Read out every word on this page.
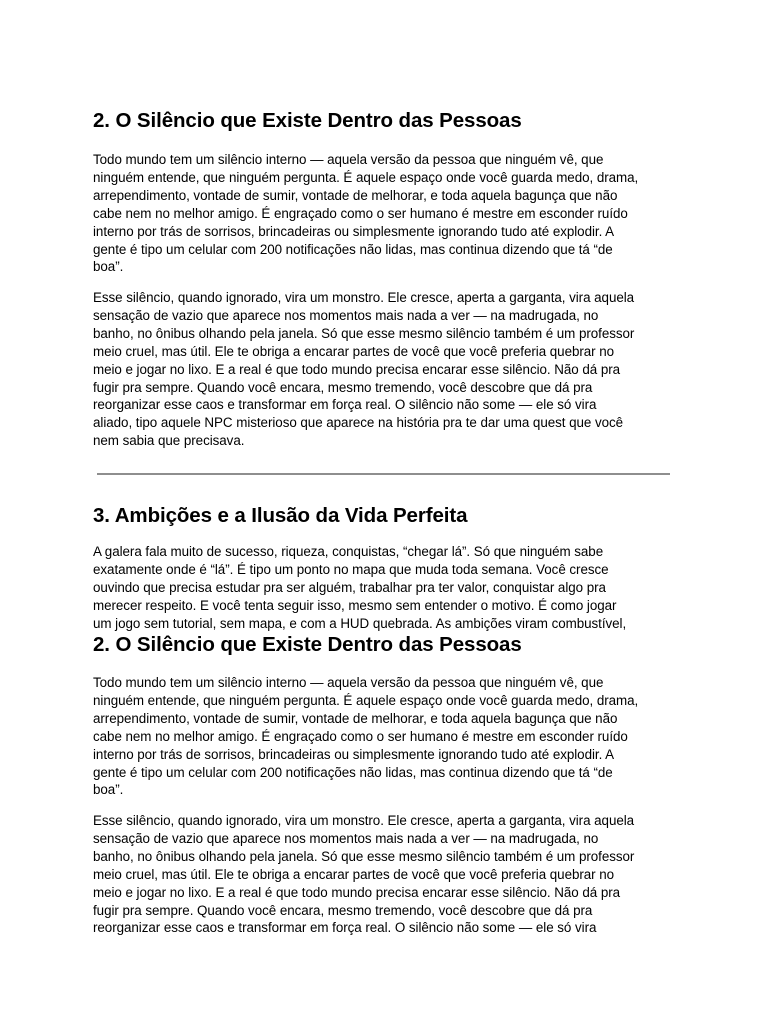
2. O Silêncio que Existe Dentro das Pessoas
Todo mundo tem um silêncio interno — aquela versão da pessoa que ninguém vê, que
ninguém entende, que ninguém pergunta. É aquele espaço onde você guarda medo, drama,
arrependimento, vontade de sumir, vontade de melhorar, e toda aquela bagunça que não
cabe nem no melhor amigo. É engraçado como o ser humano é mestre em esconder ruído
interno por trás de sorrisos, brincadeiras ou simplesmente ignorando tudo até explodir. A
gente é tipo um celular com 200 notificações não lidas, mas continua dizendo que tá “de
boa”.
Esse silêncio, quando ignorado, vira um monstro. Ele cresce, aperta a garganta, vira aquela
sensação de vazio que aparece nos momentos mais nada a ver — na madrugada, no
banho, no ônibus olhando pela janela. Só que esse mesmo silêncio também é um professor
meio cruel, mas útil. Ele te obriga a encarar partes de você que você preferia quebrar no
meio e jogar no lixo. E a real é que todo mundo precisa encarar esse silêncio. Não dá pra
fugir pra sempre. Quando você encara, mesmo tremendo, você descobre que dá pra
reorganizar esse caos e transformar em força real. O silêncio não some — ele só vira
aliado, tipo aquele NPC misterioso que aparece na história pra te dar uma quest que você
nem sabia que precisava.
3. Ambições e a Ilusão da Vida Perfeita
A galera fala muito de sucesso, riqueza, conquistas, “chegar lá”. Só que ninguém sabe
exatamente onde é “lá”. É tipo um ponto no mapa que muda toda semana. Você cresce
ouvindo que precisa estudar pra ser alguém, trabalhar pra ter valor, conquistar algo pra
merecer respeito. E você tenta seguir isso, mesmo sem entender o motivo. É como jogar
um jogo sem tutorial, sem mapa, e com a HUD quebrada. As ambições viram combustível,
2. O Silêncio que Existe Dentro das Pessoas
Todo mundo tem um silêncio interno — aquela versão da pessoa que ninguém vê, que
ninguém entende, que ninguém pergunta. É aquele espaço onde você guarda medo, drama,
arrependimento, vontade de sumir, vontade de melhorar, e toda aquela bagunça que não
cabe nem no melhor amigo. É engraçado como o ser humano é mestre em esconder ruído
interno por trás de sorrisos, brincadeiras ou simplesmente ignorando tudo até explodir. A
gente é tipo um celular com 200 notificações não lidas, mas continua dizendo que tá “de
boa”.
Esse silêncio, quando ignorado, vira um monstro. Ele cresce, aperta a garganta, vira aquela
sensação de vazio que aparece nos momentos mais nada a ver — na madrugada, no
banho, no ônibus olhando pela janela. Só que esse mesmo silêncio também é um professor
meio cruel, mas útil. Ele te obriga a encarar partes de você que você preferia quebrar no
meio e jogar no lixo. E a real é que todo mundo precisa encarar esse silêncio. Não dá pra
fugir pra sempre. Quando você encara, mesmo tremendo, você descobre que dá pra
reorganizar esse caos e transformar em força real. O silêncio não some — ele só vira
